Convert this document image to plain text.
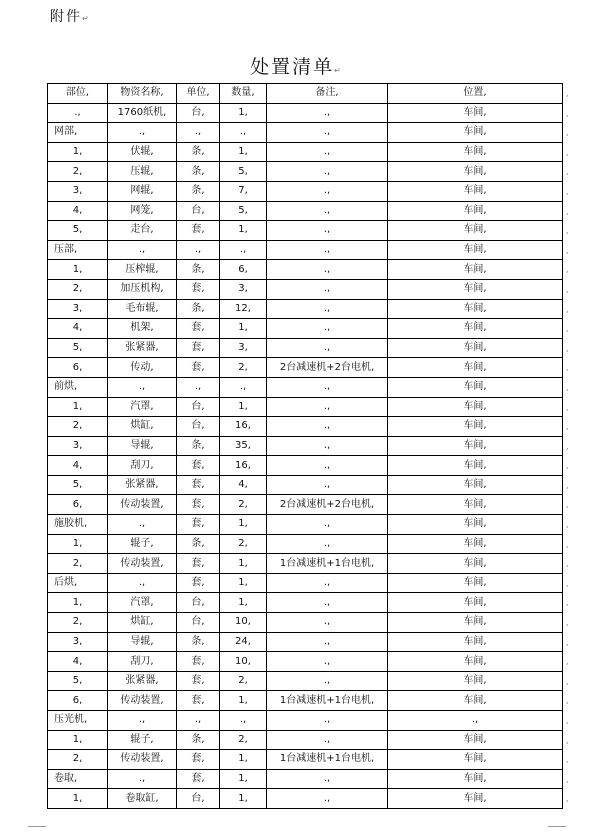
附件↵
处置清单↵
部位,	物资名称,	单位,	数量,	备注,	位置,
.,	1760纸机,	台,	1,	.,	车间,
网部,	.,	.,	.,	.,	车间,
1,	伏辊,	条,	1,	.,	车间,
2,	压辊,	条,	5,	.,	车间,
3,	网辊,	条,	7,	.,	车间,
4,	网笼,	台,	5,	.,	车间,
5,	走台,	套,	1,	.,	车间,
压部,	.,	.,	.,	.,	车间,
1,	压榨辊,	条,	6,	.,	车间,
2,	加压机构,	套,	3,	.,	车间,
3,	毛布辊,	条,	12,	.,	车间,
4,	机架,	套,	1,	.,	车间,
5,	张紧器,	套,	3,	.,	车间,
6,	传动,	套,	2,	2台减速机+2台电机,	车间,
前烘,	.,	.,	.,	.,	车间,
1,	汽罩,	台,	1,	.,	车间,
2,	烘缸,	台,	16,	.,	车间,
3,	导辊,	条,	35,	.,	车间,
4,	刮刀,	套,	16,	.,	车间,
5,	张紧器,	套,	4,	.,	车间,
6,	传动装置,	套,	2,	2台减速机+2台电机,	车间,
施胶机,	.,	套,	1,	.,	车间,
1,	辊子,	条,	2,	.,	车间,
2,	传动装置,	套,	1,	1台减速机+1台电机,	车间,
后烘,	.,	套,	1,	.,	车间,
1,	汽罩,	台,	1,	.,	车间,
2,	烘缸,	台,	10,	.,	车间,
3,	导辊,	条,	24,	.,	车间,
4,	刮刀,	套,	10,	.,	车间,
5,	张紧器,	套,	2,	.,	车间,
6,	传动装置,	套,	1,	1台减速机+1台电机,	车间,
压光机,	.,	.,	.,	.,	.,
1,	辊子,	条,	2,	.,	车间,
2,	传动装置,	套,	1,	1台减速机+1台电机,	车间,
卷取,	.,	套,	1,	.,	车间,
1,	卷取缸,	台,	1,	.,	车间,
,
,
,
,
,
,
,
,
,
,
,
,
,
,
,
,
,
,
,
,
,
,
,
,
,
,
,
,
,
,
,
,
,
,
,
,
,
